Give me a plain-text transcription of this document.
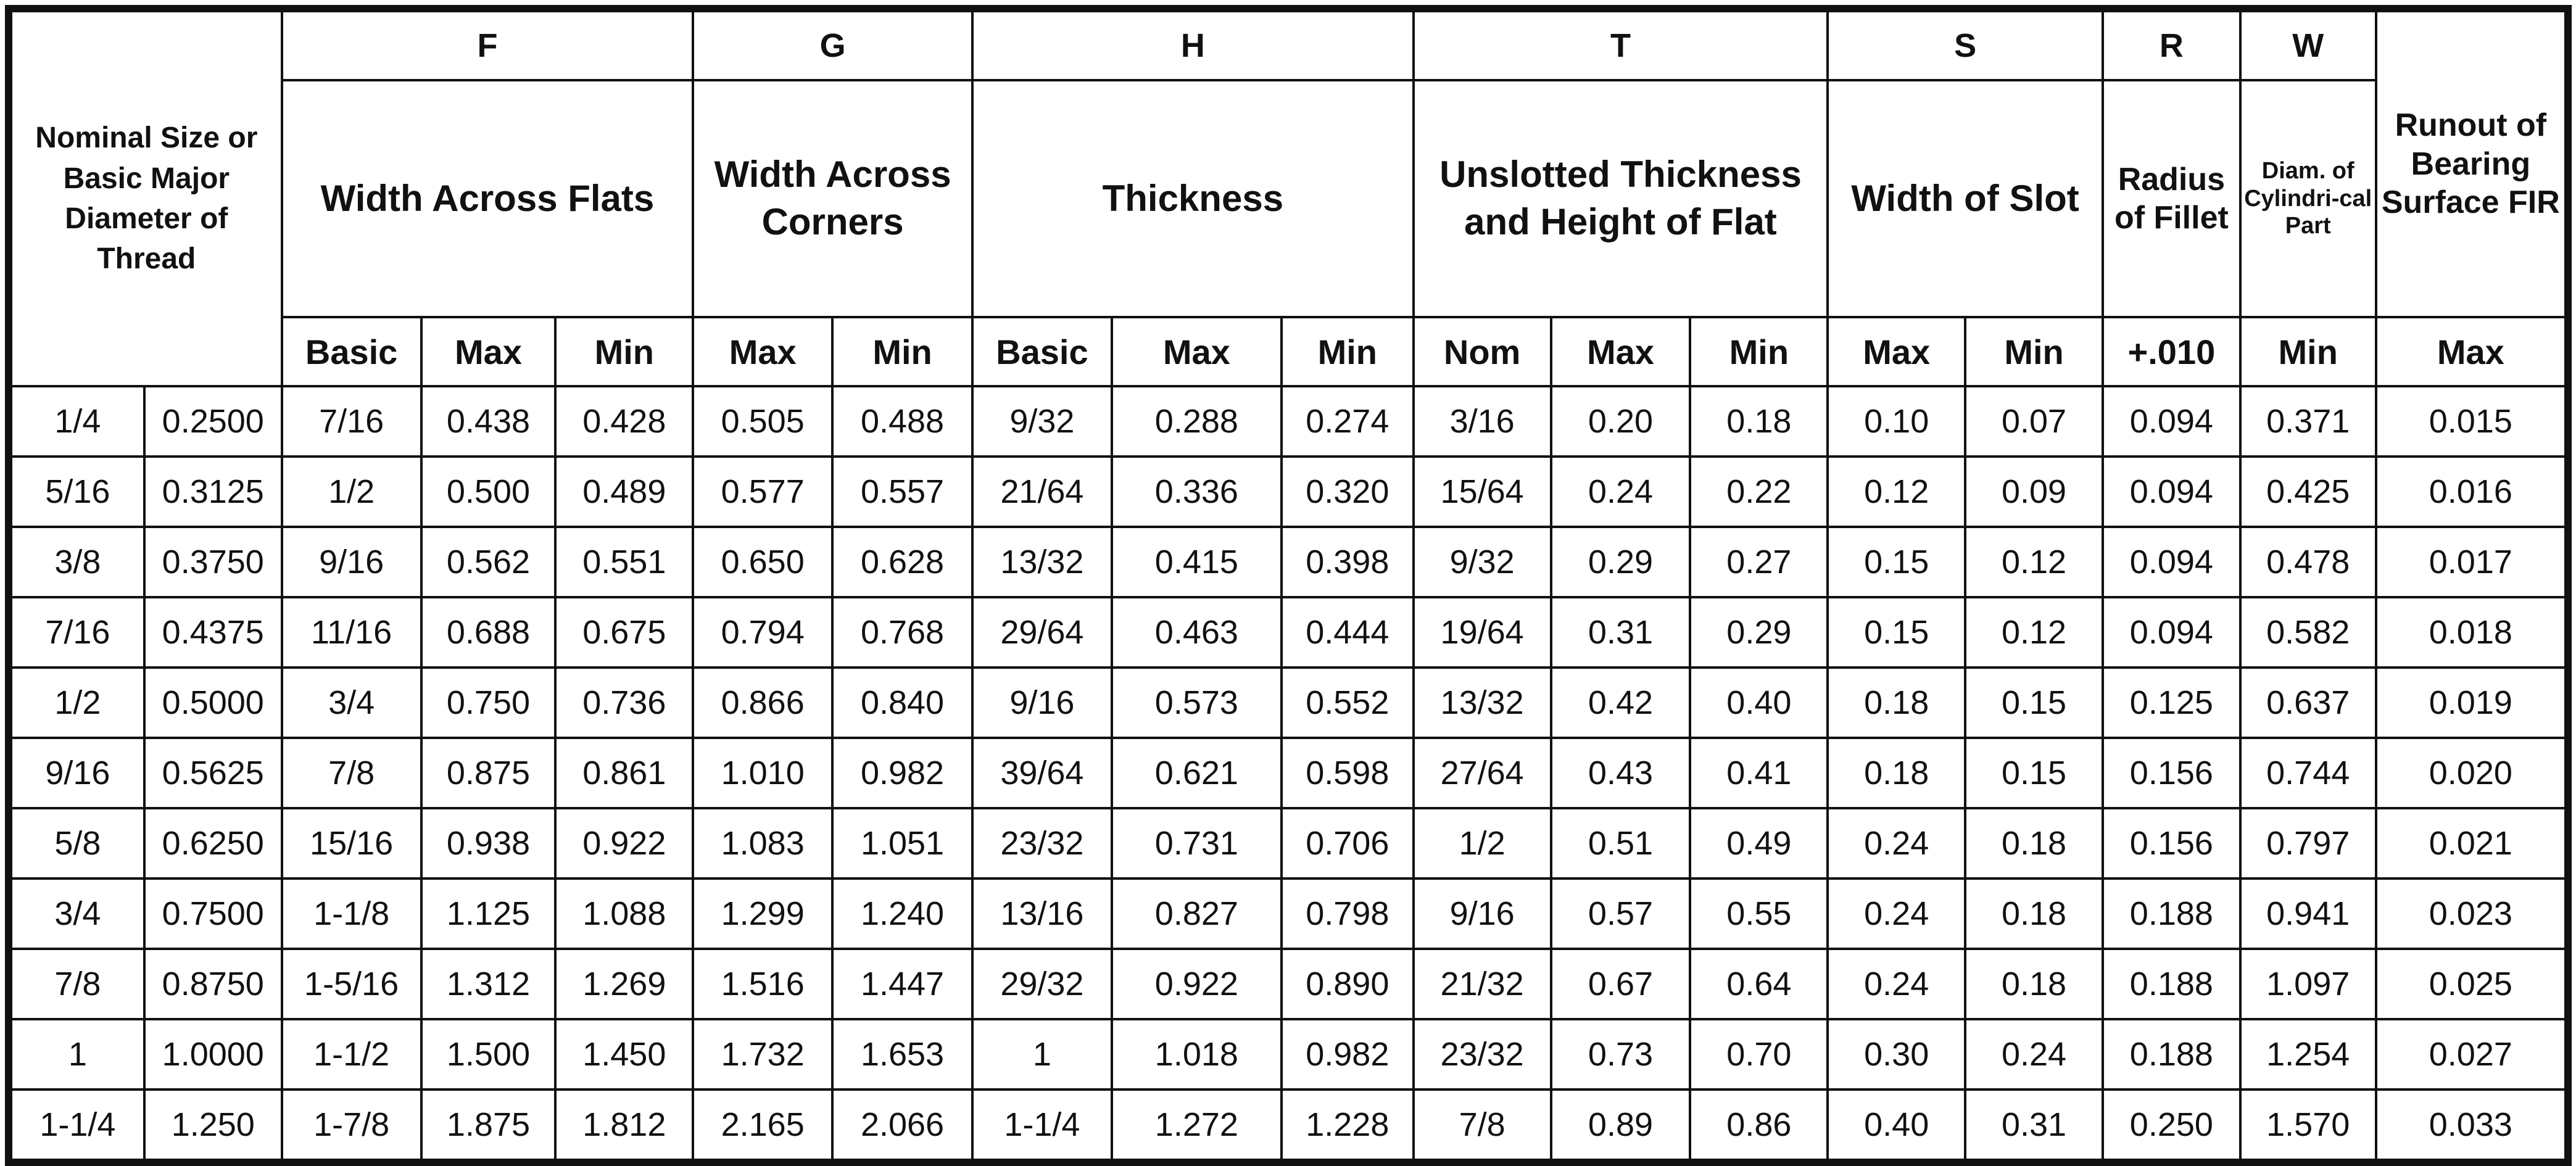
Nominal Size or Basic Major Diameter of Thread		F			G		H			T			S		R	W	Runout of Bearing Surface FIR
		Width Across Flats			Width Across Corners		Thickness			Unslotted Thickness and Height of Flat			Width of Slot		Radius of Fillet	Diam. of Cylindri-cal Part	
		Basic	Max	Min	Max	Min	Basic	Max	Min	Nom	Max	Min	Max	Min	+.010	Min	Max
1/4	0.2500	7/16	0.438	0.428	0.505	0.488	9/32	0.288	0.274	3/16	0.20	0.18	0.10	0.07	0.094	0.371	0.015
5/16	0.3125	1/2	0.500	0.489	0.577	0.557	21/64	0.336	0.320	15/64	0.24	0.22	0.12	0.09	0.094	0.425	0.016
3/8	0.3750	9/16	0.562	0.551	0.650	0.628	13/32	0.415	0.398	9/32	0.29	0.27	0.15	0.12	0.094	0.478	0.017
7/16	0.4375	11/16	0.688	0.675	0.794	0.768	29/64	0.463	0.444	19/64	0.31	0.29	0.15	0.12	0.094	0.582	0.018
1/2	0.5000	3/4	0.750	0.736	0.866	0.840	9/16	0.573	0.552	13/32	0.42	0.40	0.18	0.15	0.125	0.637	0.019
9/16	0.5625	7/8	0.875	0.861	1.010	0.982	39/64	0.621	0.598	27/64	0.43	0.41	0.18	0.15	0.156	0.744	0.020
5/8	0.6250	15/16	0.938	0.922	1.083	1.051	23/32	0.731	0.706	1/2	0.51	0.49	0.24	0.18	0.156	0.797	0.021
3/4	0.7500	1-1/8	1.125	1.088	1.299	1.240	13/16	0.827	0.798	9/16	0.57	0.55	0.24	0.18	0.188	0.941	0.023
7/8	0.8750	1-5/16	1.312	1.269	1.516	1.447	29/32	0.922	0.890	21/32	0.67	0.64	0.24	0.18	0.188	1.097	0.025
1	1.0000	1-1/2	1.500	1.450	1.732	1.653	1	1.018	0.982	23/32	0.73	0.70	0.30	0.24	0.188	1.254	0.027
1-1/4	1.250	1-7/8	1.875	1.812	2.165	2.066	1-1/4	1.272	1.228	7/8	0.89	0.86	0.40	0.31	0.250	1.570	0.033
